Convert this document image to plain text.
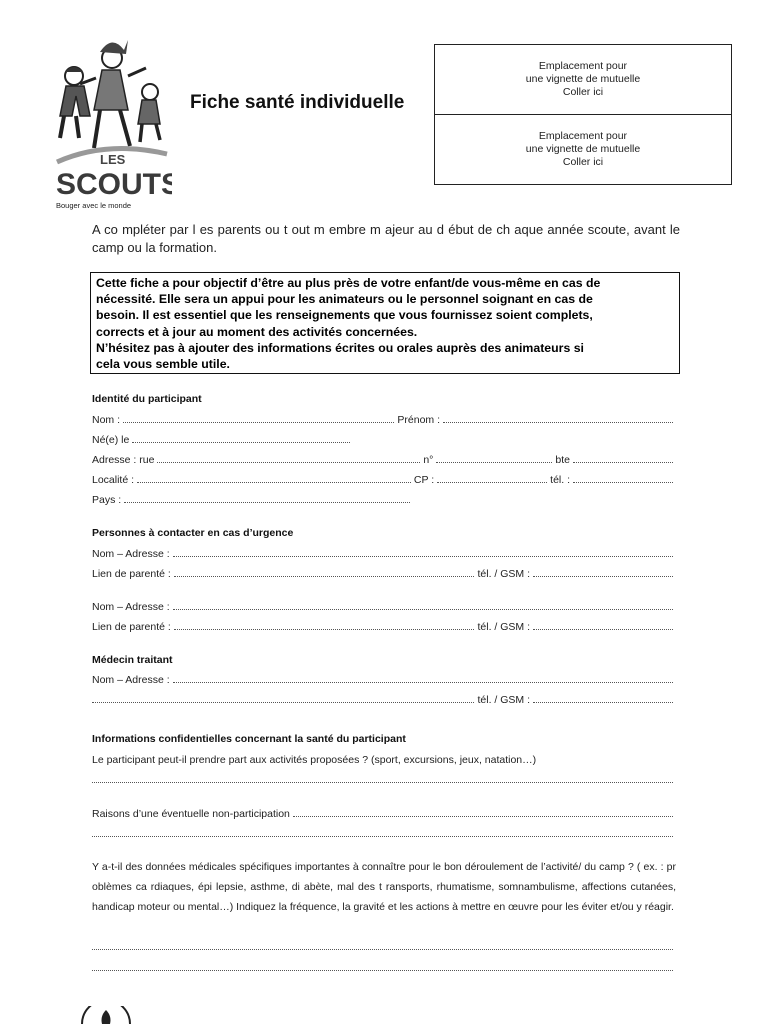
LES
SCOUTS
Bouger avec le monde
Fiche santé individuelle
Emplacement pour
une vignette de mutuelle
Coller ici
Emplacement pour
une vignette de mutuelle
Coller ici
A co mpléter par l es parents ou t out m embre m ajeur au d ébut de ch aque année scoute, avant le camp ou la formation.
Cette fiche a pour objectif d’être au plus près de votre enfant/de vous-même en cas de
nécessité. Elle sera un appui pour les animateurs ou le personnel soignant en cas de
besoin. Il est essentiel que les renseignements que vous fournissez soient complets,
corrects et à jour au moment des activités concernées.
N’hésitez pas à ajouter des informations écrites ou orales auprès des animateurs si
cela vous semble utile.
Identité du participant
Nom :	Prénom :
Né(e) le
Adresse : rue	n°	bte
Localité :	CP :	tél. :
Pays :
Personnes à contacter en cas d’urgence
Nom – Adresse :
Lien de parenté :	tél. / GSM :
Nom – Adresse :
Lien de parenté :	tél. / GSM :
Médecin traitant
Nom – Adresse :
tél. / GSM :
Informations confidentielles concernant la santé du participant
Le participant peut-il prendre part aux activités proposées ? (sport, excursions, jeux, natation…)
Raisons d’une éventuelle non-participation
Y a-t-il des données médicales spécifiques importantes à connaître pour le bon déroulement de l’activité/ du camp ? ( ex. : pr oblèmes ca rdiaques, épi lepsie, asthme, di abète, mal des t ransports, rhumatisme, somnambulisme, affections cutanées, handicap moteur ou mental…) Indiquez la fréquence, la gravité et les actions à mettre en œuvre pour les éviter et/ou y réagir.
